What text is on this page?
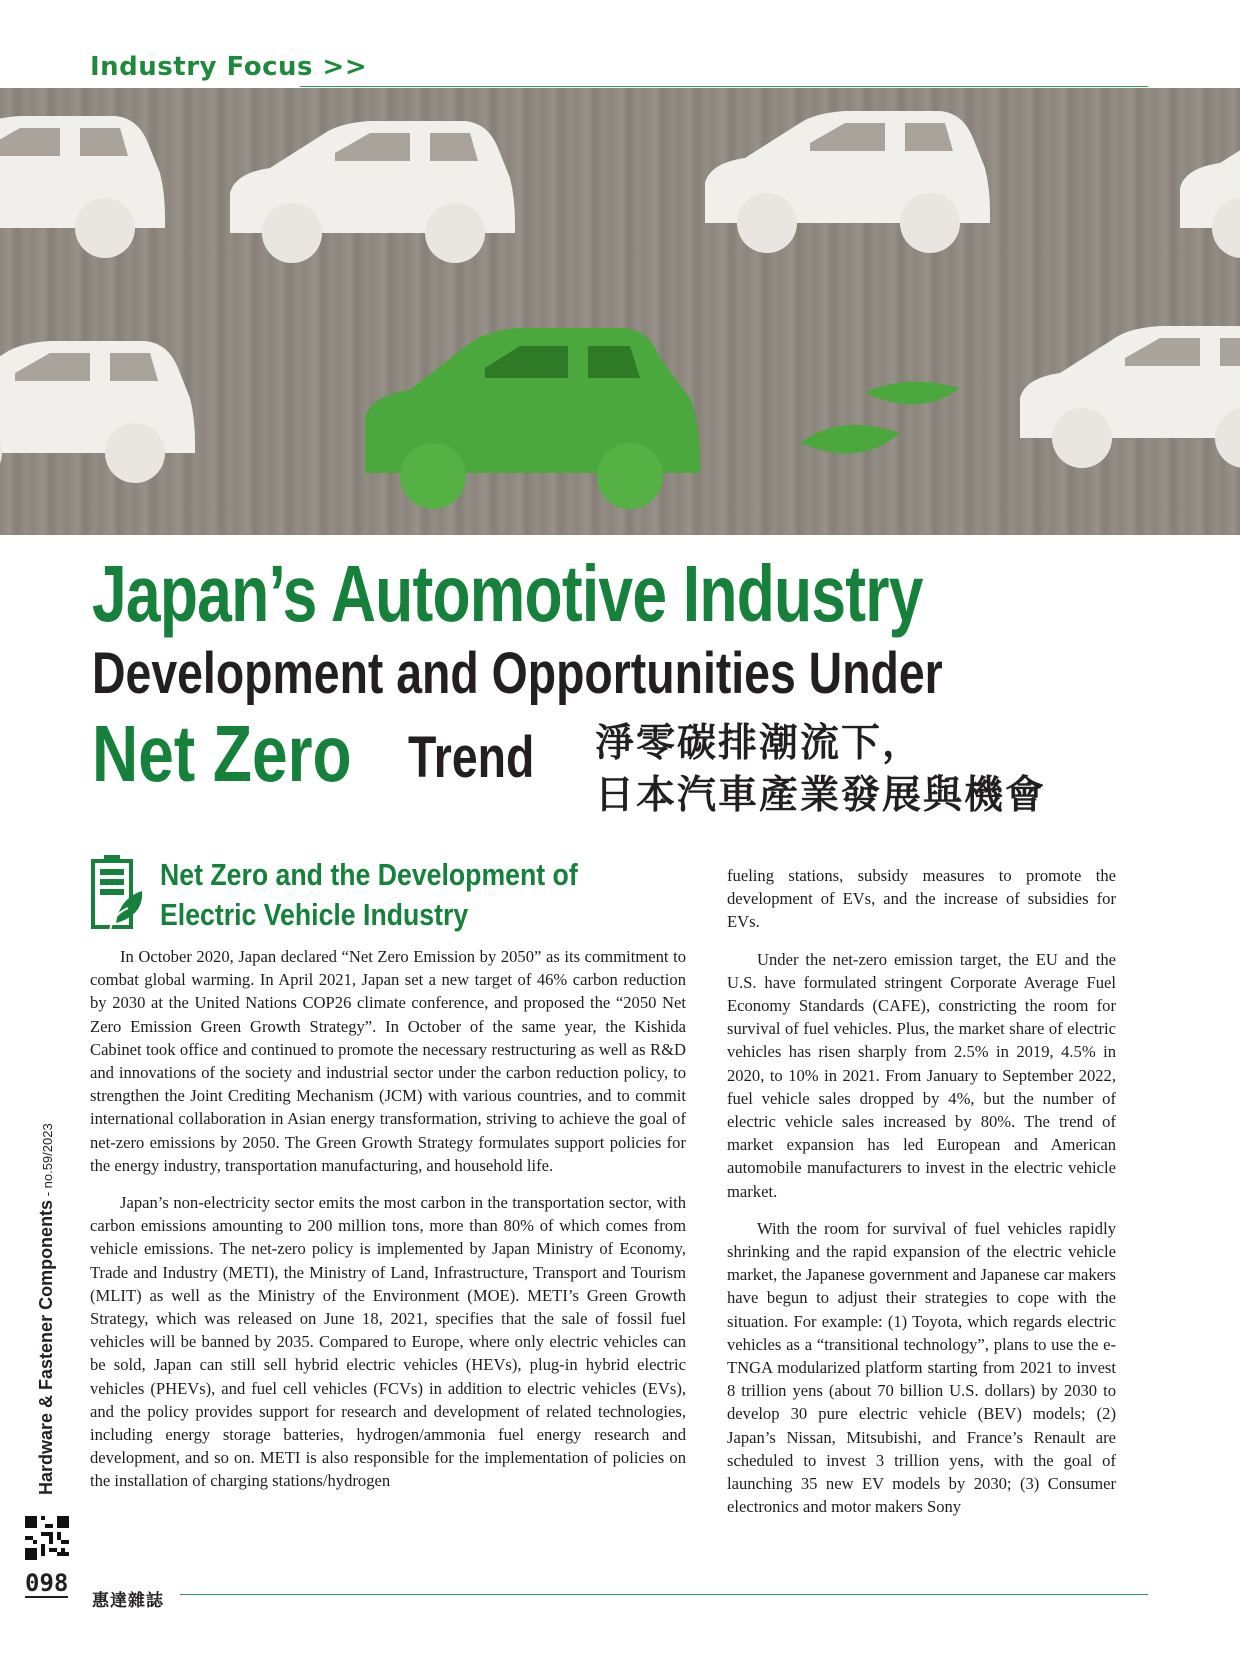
Industry Focus >>
Japan’s Automotive Industry
Development and Opportunities Under
Net Zero Trend 淨零碳排潮流下，
日本汽車產業發展與機會
Net Zero and the Development of Electric Vehicle Industry

In October 2020, Japan declared “Net Zero Emission by 2050” as its commitment to combat global warming. In April 2021, Japan set a new target of 46% carbon reduction by 2030 at the United Nations COP26 climate conference, and proposed the “2050 Net Zero Emission Green Growth Strategy”. In October of the same year, the Kishida Cabinet took office and continued to promote the necessary restructuring as well as R&D and innovations of the society and industrial sector under the carbon reduction policy, to strengthen the Joint Crediting Mechanism (JCM) with various countries, and to commit international collaboration in Asian energy transformation, striving to achieve the goal of net-zero emissions by 2050. The Green Growth Strategy formulates support policies for the energy industry, transportation manufacturing, and household life.

Japan’s non-electricity sector emits the most carbon in the transportation sector, with carbon emissions amounting to 200 million tons, more than 80% of which comes from vehicle emissions. The net-zero policy is implemented by Japan Ministry of Economy, Trade and Industry (METI), the Ministry of Land, Infrastructure, Transport and Tourism (MLIT) as well as the Ministry of the Environment (MOE). METI’s Green Growth Strategy, which was released on June 18, 2021, specifies that the sale of fossil fuel vehicles will be banned by 2035. Compared to Europe, where only electric vehicles can be sold, Japan can still sell hybrid electric vehicles (HEVs), plug-in hybrid electric vehicles (PHEVs), and fuel cell vehicles (FCVs) in addition to electric vehicles (EVs), and the policy provides support for research and development of related technologies, including energy storage batteries, hydrogen/ammonia fuel energy research and development, and so on. METI is also responsible for the implementation of policies on the installation of charging stations/hydrogen

fueling stations, subsidy measures to promote the development of EVs, and the increase of subsidies for EVs.

Under the net-zero emission target, the EU and the U.S. have formulated stringent Corporate Average Fuel Economy Standards (CAFE), constricting the room for survival of fuel vehicles. Plus, the market share of electric vehicles has risen sharply from 2.5% in 2019, 4.5% in 2020, to 10% in 2021. From January to September 2022, fuel vehicle sales dropped by 4%, but the number of electric vehicle sales increased by 80%. The trend of market expansion has led European and American automobile manufacturers to invest in the electric vehicle market.

With the room for survival of fuel vehicles rapidly shrinking and the rapid expansion of the electric vehicle market, the Japanese government and Japanese car makers have begun to adjust their strategies to cope with the situation. For example: (1) Toyota, which regards electric vehicles as a “transitional technology”, plans to use the e-TNGA modularized platform starting from 2021 to invest 8 trillion yens (about 70 billion U.S. dollars) by 2030 to develop 30 pure electric vehicle (BEV) models; (2) Japan’s Nissan, Mitsubishi, and France’s Renault are scheduled to invest 3 trillion yens, with the goal of launching 35 new EV models by 2030; (3) Consumer electronics and motor makers Sony

Hardware & Fastener Components - no.59/2023
098
惠達雜誌
